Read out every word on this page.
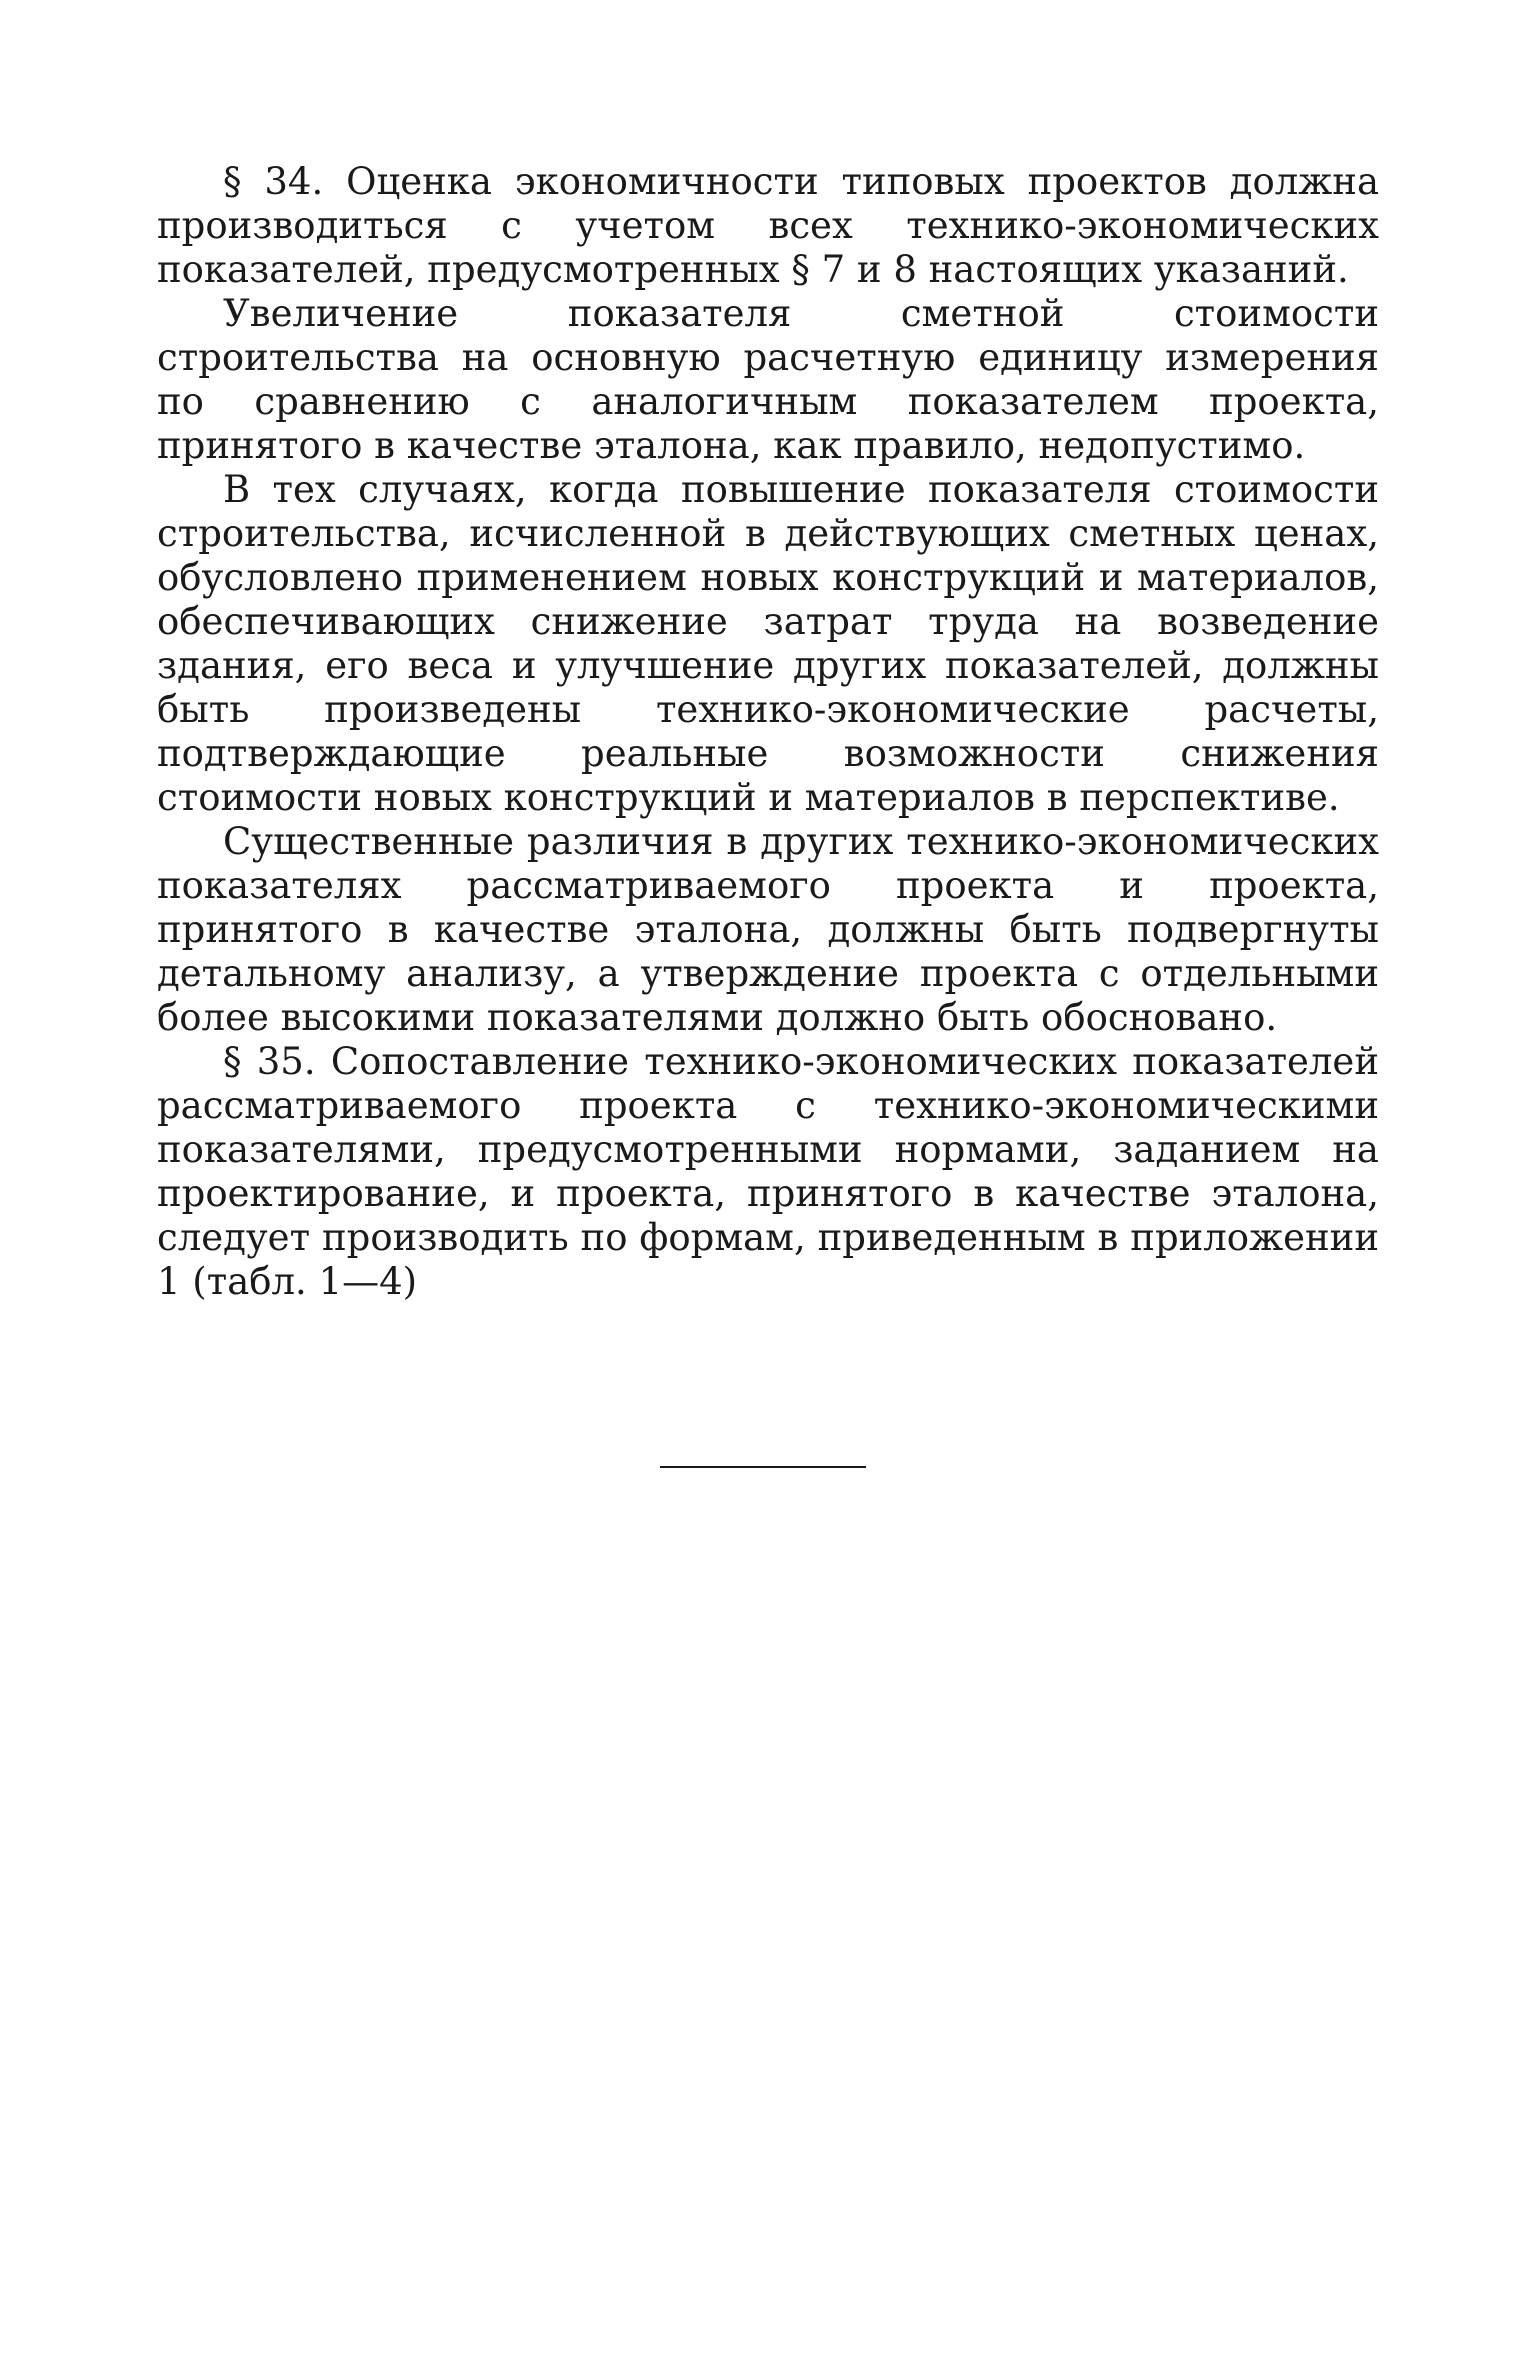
§ 34. Оценка экономичности типовых проектов должна производиться с учетом всех технико-экономических показателей, предусмотренных § 7 и 8 настоящих указаний.

Увеличение показателя сметной стоимости строительства на основную расчетную единицу измерения по сравнению с аналогичным показателем проекта, принятого в качестве эталона, как правило, недопустимо.

В тех случаях, когда повышение показателя стоимости строительства, исчисленной в действующих сметных ценах, обусловлено применением новых конструкций и материалов, обеспечивающих снижение затрат труда на возведение здания, его веса и улучшение других показателей, должны быть произведены технико-экономические расчеты, подтверждающие реальные возможности снижения стоимости новых конструкций и материалов в перспективе.

Существенные различия в других технико-экономических показателях рассматриваемого проекта и проекта, принятого в качестве эталона, должны быть подвергнуты детальному анализу, а утверждение проекта с отдельными более высокими показателями должно быть обосновано.

§ 35. Сопоставление технико-экономических показателей рассматриваемого проекта с технико-экономическими показателями, предусмотренными нормами, заданием на проектирование, и проекта, принятого в качестве эталона, следует производить по формам, приведенным в приложении 1 (табл. 1—4)
